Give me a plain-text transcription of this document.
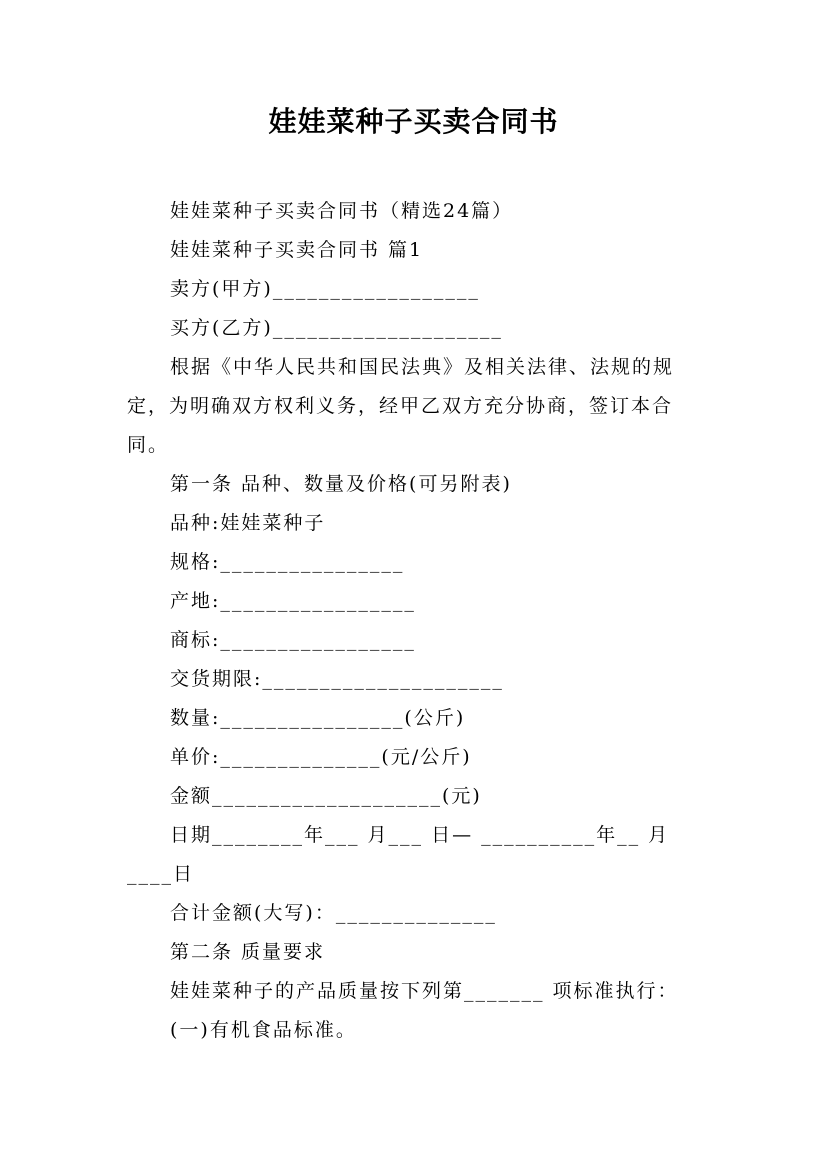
娃娃菜种子买卖合同书
娃娃菜种子买卖合同书（精选24篇）
娃娃菜种子买卖合同书 篇1
卖方(甲方)__________________
买方(乙方)____________________
根据《中华人民共和国民法典》及相关法律、法规的规
定，为明确双方权利义务，经甲乙双方充分协商，签订本合
同。
第一条 品种、数量及价格(可另附表)
品种:娃娃菜种子
规格:________________
产地:_________________
商标:_________________
交货期限:_____________________
数量:________________(公斤)
单价:______________(元/公斤)
金额____________________(元)
日期________年___ 月___ 日— __________年__ 月
____日
合计金额(大写)：______________
第二条 质量要求
娃娃菜种子的产品质量按下列第_______ 项标准执行：
(一)有机食品标准。
